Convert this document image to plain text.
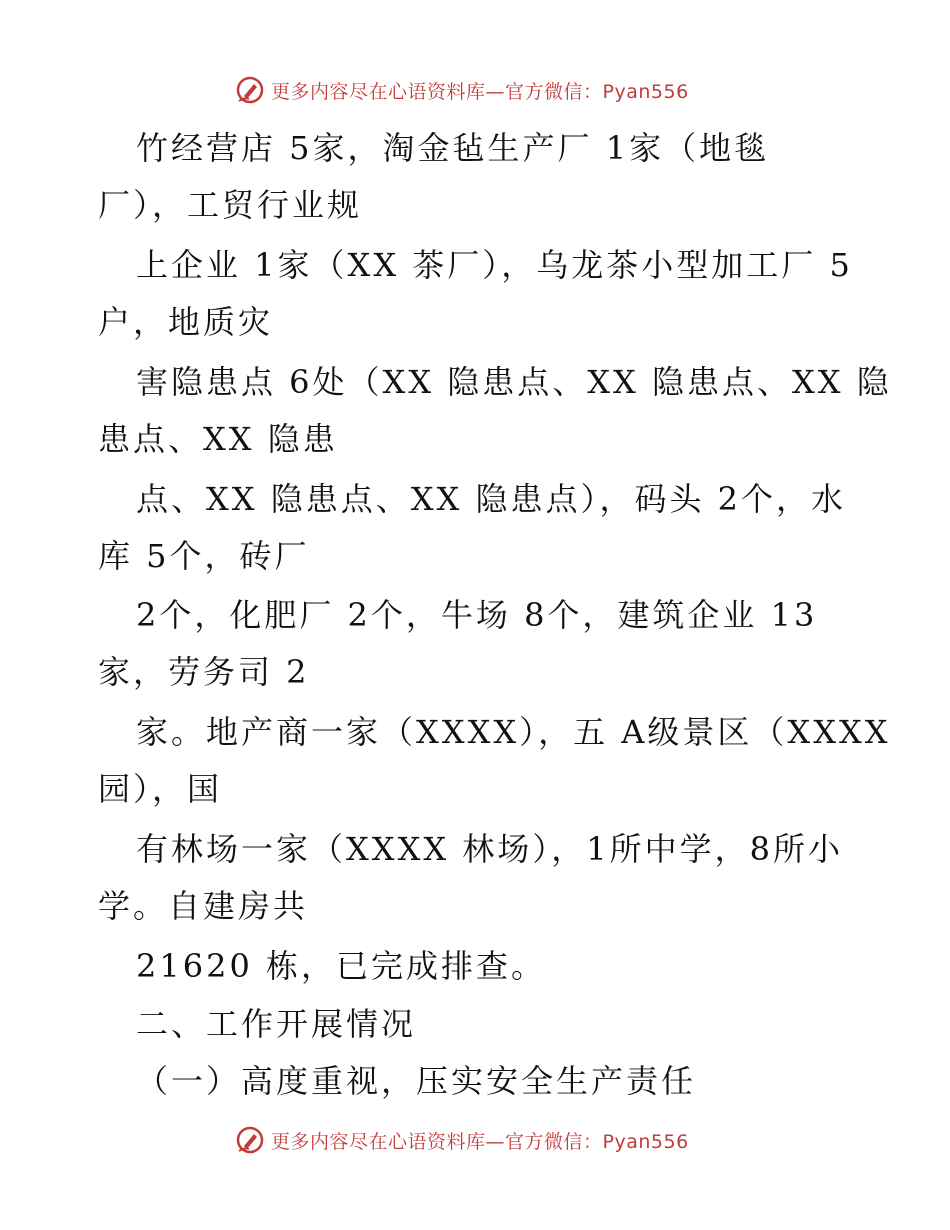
更多内容尽在心语资料库—官方微信：Pyan556
竹经营店 5家，淘金毡生产厂 1家（地毯
厂），工贸行业规
上企业 1家（XX 茶厂），乌龙茶小型加工厂 5
户，地质灾
害隐患点 6处（XX 隐患点、XX 隐患点、XX 隐
患点、XX 隐患
点、XX 隐患点、XX 隐患点），码头 2个，水
库 5个，砖厂
2个，化肥厂 2个，牛场 8个，建筑企业 13
家，劳务司 2
家。地产商一家（XXXX），五 A级景区（XXXX
园），国
有林场一家（XXXX 林场），1所中学，8所小
学。自建房共
21620 栋，已完成排查。
二、工作开展情况
（一）高度重视，压实安全生产责任
更多内容尽在心语资料库—官方微信：Pyan556
